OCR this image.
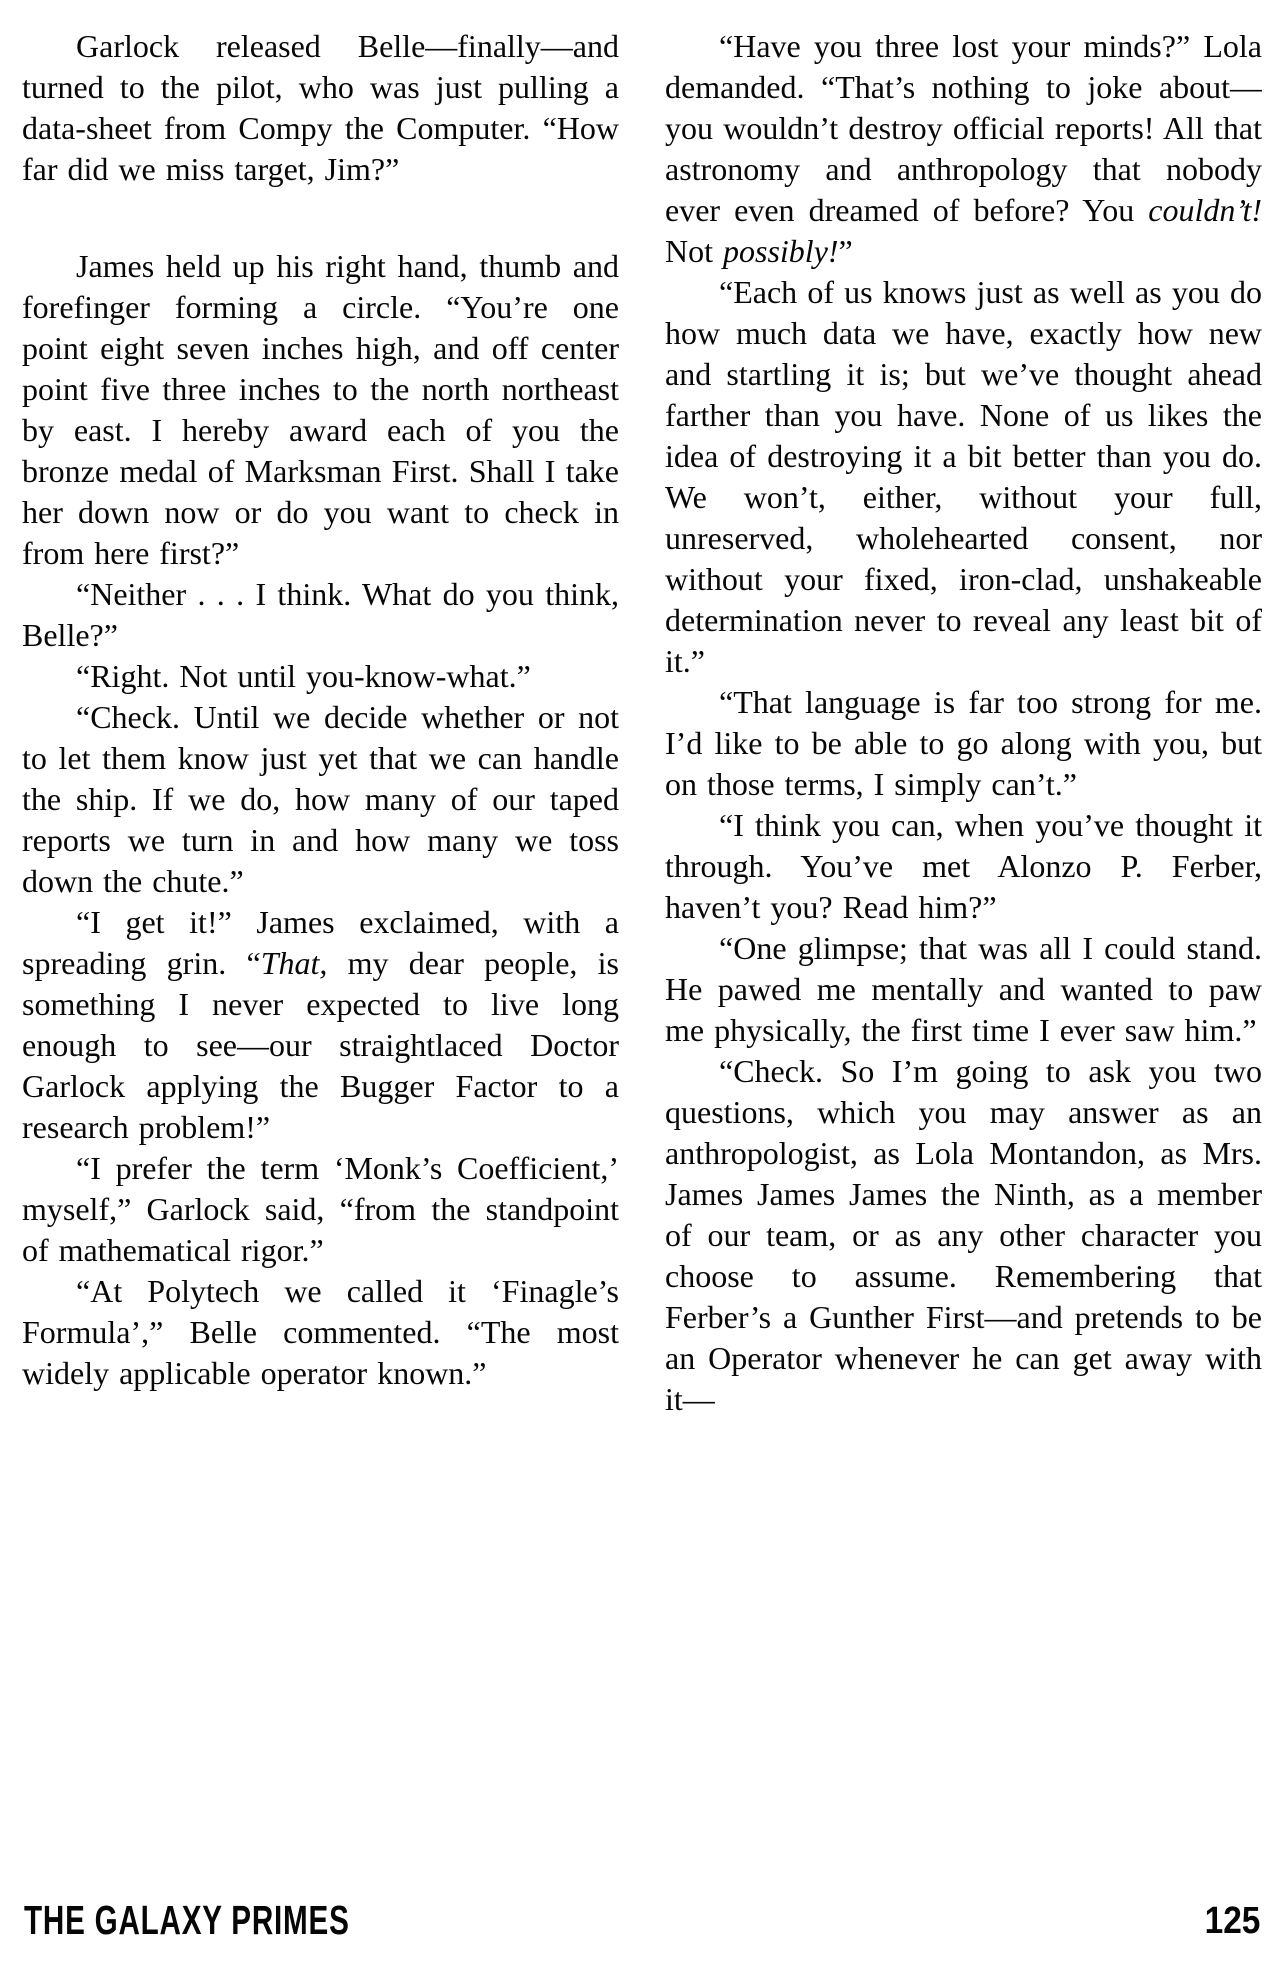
Garlock released Belle—finally—and turned to the pilot, who was just pulling a data-sheet from Compy the Computer. “How far did we miss target, Jim?”

James held up his right hand, thumb and forefinger forming a circle. “You’re one point eight seven inches high, and off center point five three inches to the north northeast by east. I hereby award each of you the bronze medal of Marksman First. Shall I take her down now or do you want to check in from here first?”

“Neither . . . I think. What do you think, Belle?”

“Right. Not until you-know-what.”

“Check. Until we decide whether or not to let them know just yet that we can handle the ship. If we do, how many of our taped reports we turn in and how many we toss down the chute.”

“I get it!” James exclaimed, with a spreading grin. “That, my dear people, is something I never expected to live long enough to see—our straightlaced Doctor Garlock applying the Bugger Factor to a research problem!”

“I prefer the term ‘Monk’s Coefficient,’ myself,” Garlock said, “from the standpoint of mathematical rigor.”

“At Polytech we called it ‘Finagle’s Formula’,” Belle commented. “The most widely applicable operator known.”

“Have you three lost your minds?” Lola demanded. “That’s nothing to joke about—you wouldn’t destroy official reports! All that astronomy and anthropology that nobody ever even dreamed of before? You couldn’t! Not possibly!”

“Each of us knows just as well as you do how much data we have, exactly how new and startling it is; but we’ve thought ahead farther than you have. None of us likes the idea of destroying it a bit better than you do. We won’t, either, without your full, unreserved, wholehearted consent, nor without your fixed, iron-clad, unshakeable determination never to reveal any least bit of it.”

“That language is far too strong for me. I’d like to be able to go along with you, but on those terms, I simply can’t.”

“I think you can, when you’ve thought it through. You’ve met Alonzo P. Ferber, haven’t you? Read him?”

“One glimpse; that was all I could stand. He pawed me mentally and wanted to paw me physically, the first time I ever saw him.”

“Check. So I’m going to ask you two questions, which you may answer as an anthropologist, as Lola Montandon, as Mrs. James James James the Ninth, as a member of our team, or as any other character you choose to assume. Remembering that Ferber’s a Gunther First—and pretends to be an Operator whenever he can get away with it—

THE GALAXY PRIMES	125
